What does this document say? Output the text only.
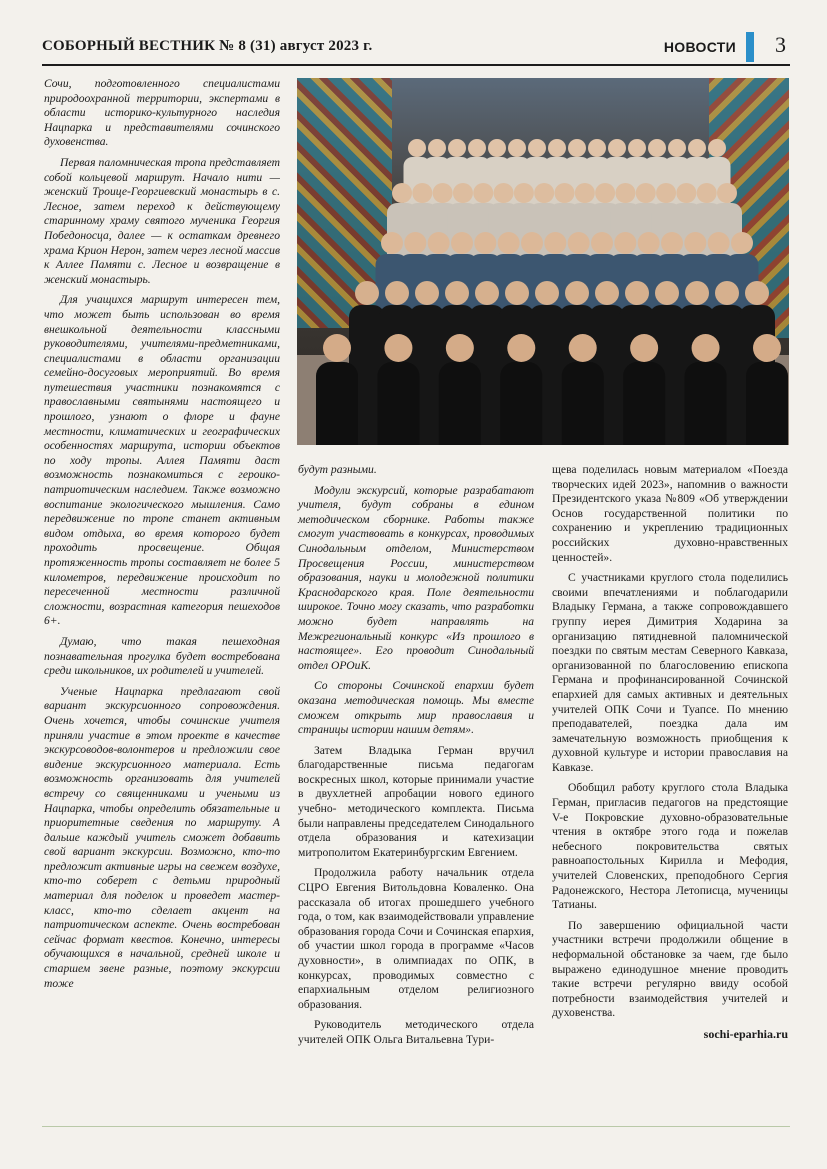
СОБОРНЫЙ ВЕСТНИК № 8 (31) август 2023 г.	НОВОСТИ 3

Сочи, подготовленного специалистами природоохранной территории, экспертами в области историко-культурного наследия Нацпарка и представителями сочинского духовенства.

Первая паломническая тропа представляет собой кольцевой маршрут. Начало нити — женский Троице-Георгиевский монастырь в с. Лесное, затем переход к действующему старинному храму святого мученика Георгия Победоносца, далее — к остаткам древнего храма Крион Нерон, затем через лесной массив к Аллее Памяти с. Лесное и возвращение в женский монастырь.

Для учащихся маршрут интересен тем, что может быть использован во время внешкольной деятельности классными руководителями, учителями-предметниками, специалистами в области организации семейно-досуговых мероприятий. Во время путешествия участники познакомятся с православными святынями настоящего и прошлого, узнают о флоре и фауне местности, климатических и географических особенностях маршрута, истории объектов по ходу тропы. Аллея Памяти даст возможность познакомиться с героико-патриотическим наследием. Также возможно воспитание экологического мышления. Само передвижение по тропе станет активным видом отдыха, во время которого будет проходить просвещение. Общая протяженность тропы составляет не более 5 километров, передвижение происходит по пересеченной местности различной сложности, возрастная категория пешеходов 6+.

Думаю, что такая пешеходная познавательная прогулка будет востребована среди школьников, их родителей и учителей.

Ученые Нацпарка предлагают свой вариант экскурсионного сопровождения. Очень хочется, чтобы сочинские учителя приняли участие в этом проекте в качестве экскурсоводов-волонтеров и предложили свое видение экскурсионного материала. Есть возможность организовать для учителей встречу со священниками и учеными из Нацпарка, чтобы определить обязательные и приоритетные сведения по маршруту. А дальше каждый учитель сможет добавить свой вариант экскурсии. Возможно, кто-то предложит активные игры на свежем воздухе, кто-то соберет с детьми природный материал для поделок и проведет мастер-класс, кто-то сделает акцент на патриотическом аспекте. Очень востребован сейчас формат квестов. Конечно, интересы обучающихся в начальной, средней школе и старшем звене разные, поэтому экскурсии тоже

будут разными.

Модули экскурсий, которые разрабатают учителя, будут собраны в едином методическом сборнике. Работы также смогут участвовать в конкурсах, проводимых Синодальным отделом, Министерством Просвещения России, министерством образования, науки и молодежной политики Краснодарского края. Поле деятельности широкое. Точно могу сказать, что разработки можно будет направлять на Межрегиональный конкурс «Из прошлого в настоящее». Его проводит Синодальный отдел ОРОиК.

Со стороны Сочинской епархии будет оказана методическая помощь. Мы вместе сможем открыть мир православия и страницы истории нашим детям».

Затем Владыка Герман вручил благодарственные письма педагогам воскресных школ, которые принимали участие в двухлетней апробации нового единого учебно- методического комплекта. Письма были направлены председателем Синодального отдела образования и катехизации митрополитом Екатеринбургским Евгением.

Продолжила работу начальник отдела СЦРО Евгения Витольдовна Коваленко. Она рассказала об итогах прошедшего учебного года, о том, как взаимодействовали управление образования города Сочи и Сочинская епархия, об участии школ города в программе «Часов духовности», в олимпиадах по ОПК, в конкурсах, проводимых совместно с епархиальным отделом религиозного образования.

Руководитель методического отдела учителей ОПК Ольга Витальевна Тури-

щева поделилась новым материалом «Поезда творческих идей 2023», напомнив о важности Президентского указа №809 «Об утверждении Основ государственной политики по сохранению и укреплению традиционных российских духовно-нравственных ценностей».

С участниками круглого стола поделились своими впечатлениями и поблагодарили Владыку Германа, а также сопровождавшего группу иерея Димитрия Ходарина за организацию пятидневной паломнической поездки по святым местам Северного Кавказа, организованной по благословению епископа Германа и профинансированной Сочинской епархией для самых активных и деятельных учителей ОПК Сочи и Туапсе. По мнению преподавателей, поездка дала им замечательную возможность приобщения к духовной культуре и истории православия на Кавказе.

Обобщил работу круглого стола Владыка Герман, пригласив педагогов на предстоящие V-е Покровские духовно-образовательные чтения в октябре этого года и пожелав небесного покровительства святых равноапостольных Кирилла и Мефодия, учителей Словенских, преподобного Сергия Радонежского, Нестора Летописца, мученицы Татианы.

По завершению официальной части участники встречи продолжили общение в неформальной обстановке за чаем, где было выражено единодушное мнение проводить такие встречи регулярно ввиду особой потребности взаимодействия учителей и духовенства.

sochi-eparhia.ru
